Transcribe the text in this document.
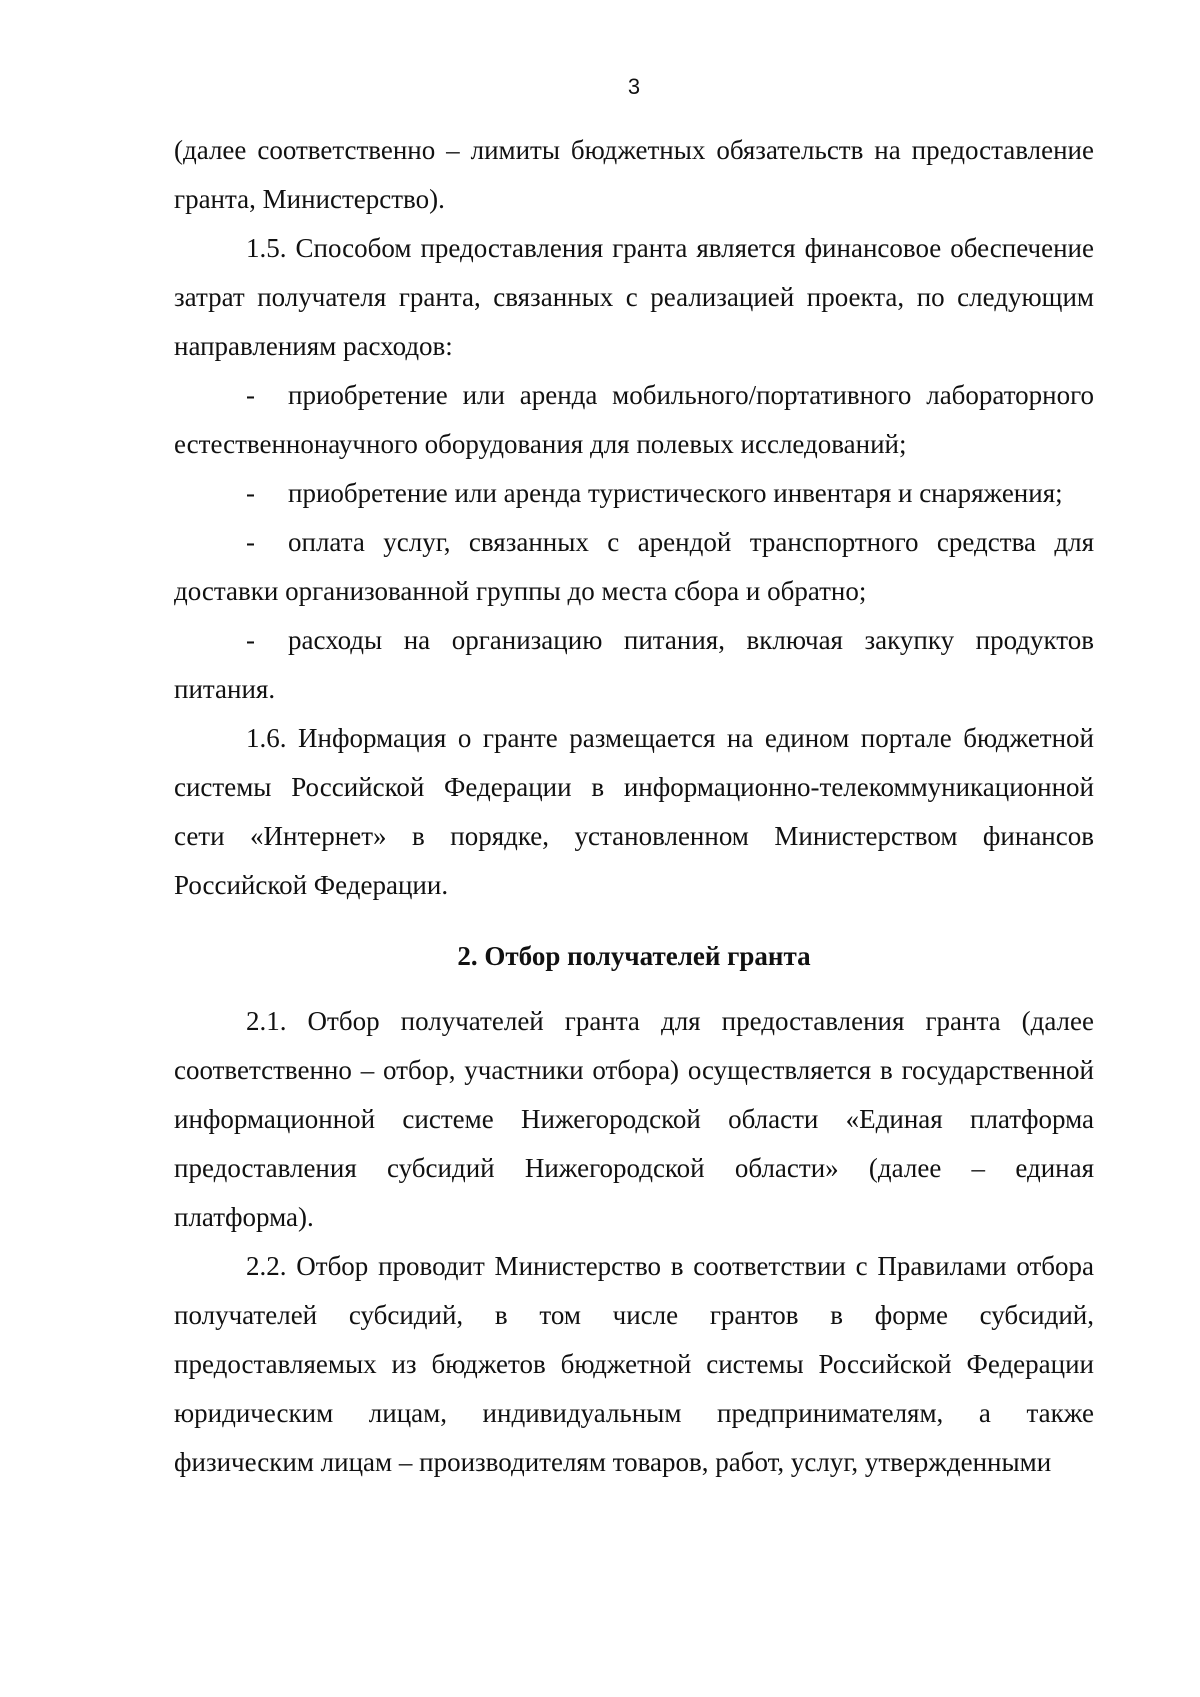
3

(далее соответственно – лимиты бюджетных обязательств на предоставление гранта, Министерство).

1.5. Способом предоставления гранта является финансовое обеспечение затрат получателя гранта, связанных с реализацией проекта, по следующим направлениям расходов:

- приобретение или аренда мобильного/портативного лабораторного естественнонаучного оборудования для полевых исследований;

- приобретение или аренда туристического инвентаря и снаряжения;

- оплата услуг, связанных с арендой транспортного средства для доставки организованной группы до места сбора и обратно;

- расходы на организацию питания, включая закупку продуктов питания.

1.6. Информация о гранте размещается на едином портале бюджетной системы Российской Федерации в информационно-телекоммуникационной сети «Интернет» в порядке, установленном Министерством финансов Российской Федерации.

2. Отбор получателей гранта

2.1. Отбор получателей гранта для предоставления гранта (далее соответственно – отбор, участники отбора) осуществляется в государственной информационной системе Нижегородской области «Единая платформа предоставления субсидий Нижегородской области» (далее – единая платформа).

2.2. Отбор проводит Министерство в соответствии с Правилами отбора получателей субсидий, в том числе грантов в форме субсидий, предоставляемых из бюджетов бюджетной системы Российской Федерации юридическим лицам, индивидуальным предпринимателям, а также физическим лицам – производителям товаров, работ, услуг, утвержденными
